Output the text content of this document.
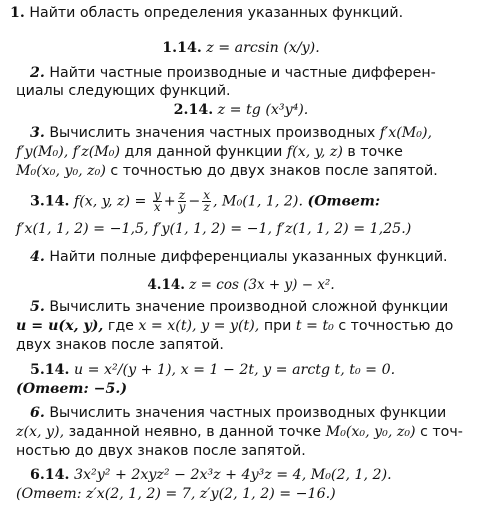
1. Найти область определения указанных функций.
1.14. z = arcsin (x/y).
2. Найти частные производные и частные дифферен-
циалы следующих функций.
2.14. z = tg (x³y⁴).
3. Вычислить значения частных производных f′x(M₀),
f′y(M₀), f′z(M₀) для данной функции f(x, y, z) в точке
M₀(x₀, y₀, z₀) с точностью до двух знаков после запятой.
3.14. f(x, y, $z) = \frac{y}{x} + \frac{z}{y} - \frac{x}{z}$ , M₀(1, 1, 2). (Ответ:
f′x(1, 1, 2) = −1,5, f′y(1, 1, 2) = −1, f′z(1, 1, 2) = 1,25.)
4. Найти полные дифференциалы указанных функций.
4.14. z = cos (3x + y) − x².
5. Вычислить значение производной сложной функции
u = u(x, y), где x = x(t), y = y(t), при t = t₀ с точностью до
двух знаков после запятой.
5.14. u = x²/(y + 1), x = 1 − 2t, y = arctg t, t₀ = 0.
(Ответ: −5.)
6. Вычислить значения частных производных функции
z(x, y), заданной неявно, в данной точке M₀(x₀, y₀, z₀) с точ-
ностью до двух знаков после запятой.
6.14. 3x²y² + 2xyz² − 2x³z + 4y³z = 4, M₀(2, 1, 2).
(Ответ: z′x(2, 1, 2) = 7, z′y(2, 1, 2) = −16.)
